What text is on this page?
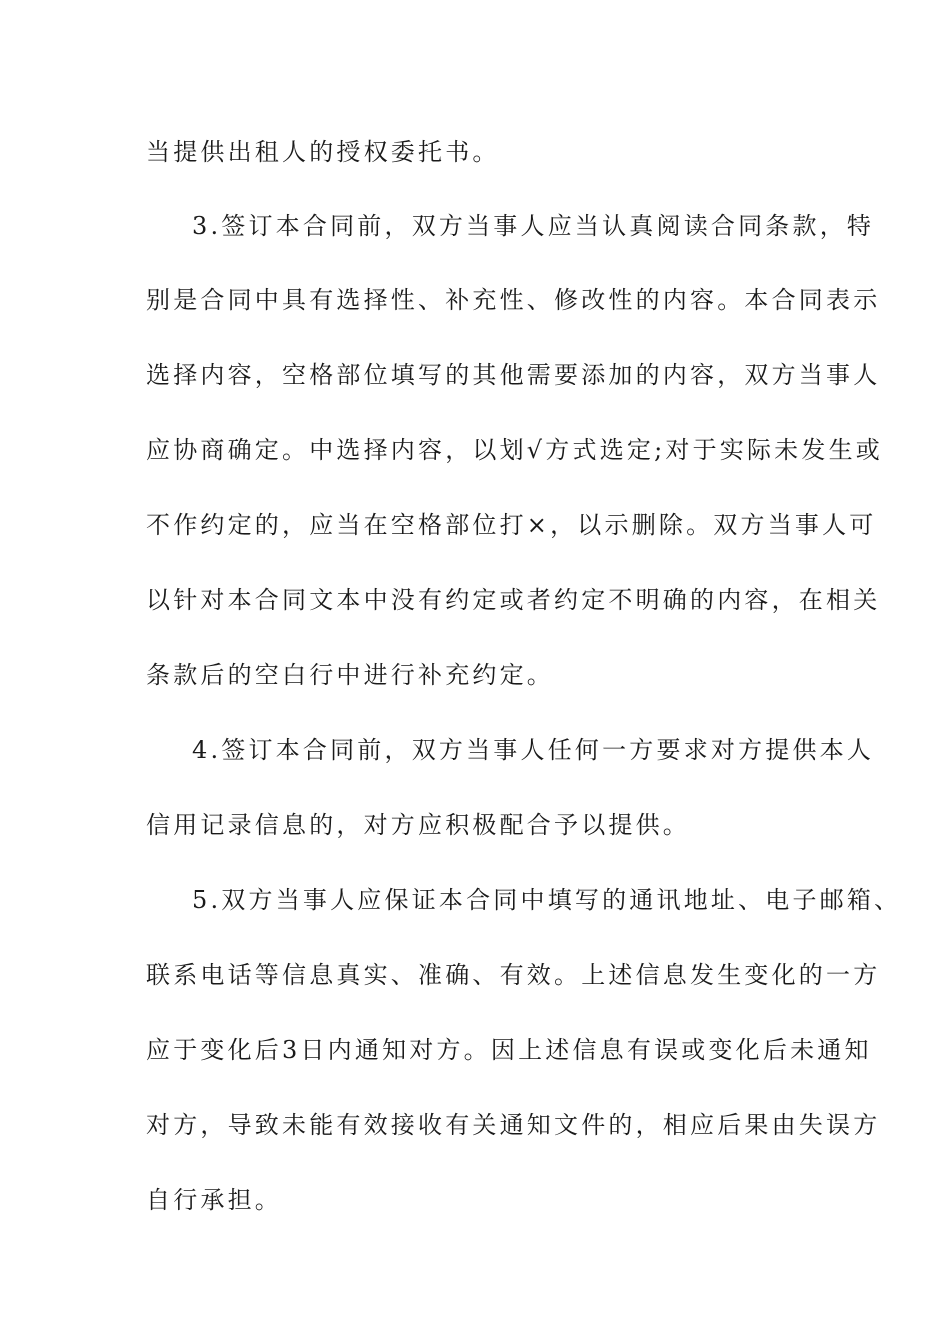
当提供出租人的授权委托书。
3.签订本合同前，双方当事人应当认真阅读合同条款，特
别是合同中具有选择性、补充性、修改性的内容。本合同表示
选择内容，空格部位填写的其他需要添加的内容，双方当事人
应协商确定。中选择内容，以划√方式选定;对于实际未发生或
不作约定的，应当在空格部位打×，以示删除。双方当事人可
以针对本合同文本中没有约定或者约定不明确的内容，在相关
条款后的空白行中进行补充约定。
4.签订本合同前，双方当事人任何一方要求对方提供本人
信用记录信息的，对方应积极配合予以提供。
5.双方当事人应保证本合同中填写的通讯地址、电子邮箱、
联系电话等信息真实、准确、有效。上述信息发生变化的一方
应于变化后3日内通知对方。因上述信息有误或变化后未通知
对方，导致未能有效接收有关通知文件的，相应后果由失误方
自行承担。
